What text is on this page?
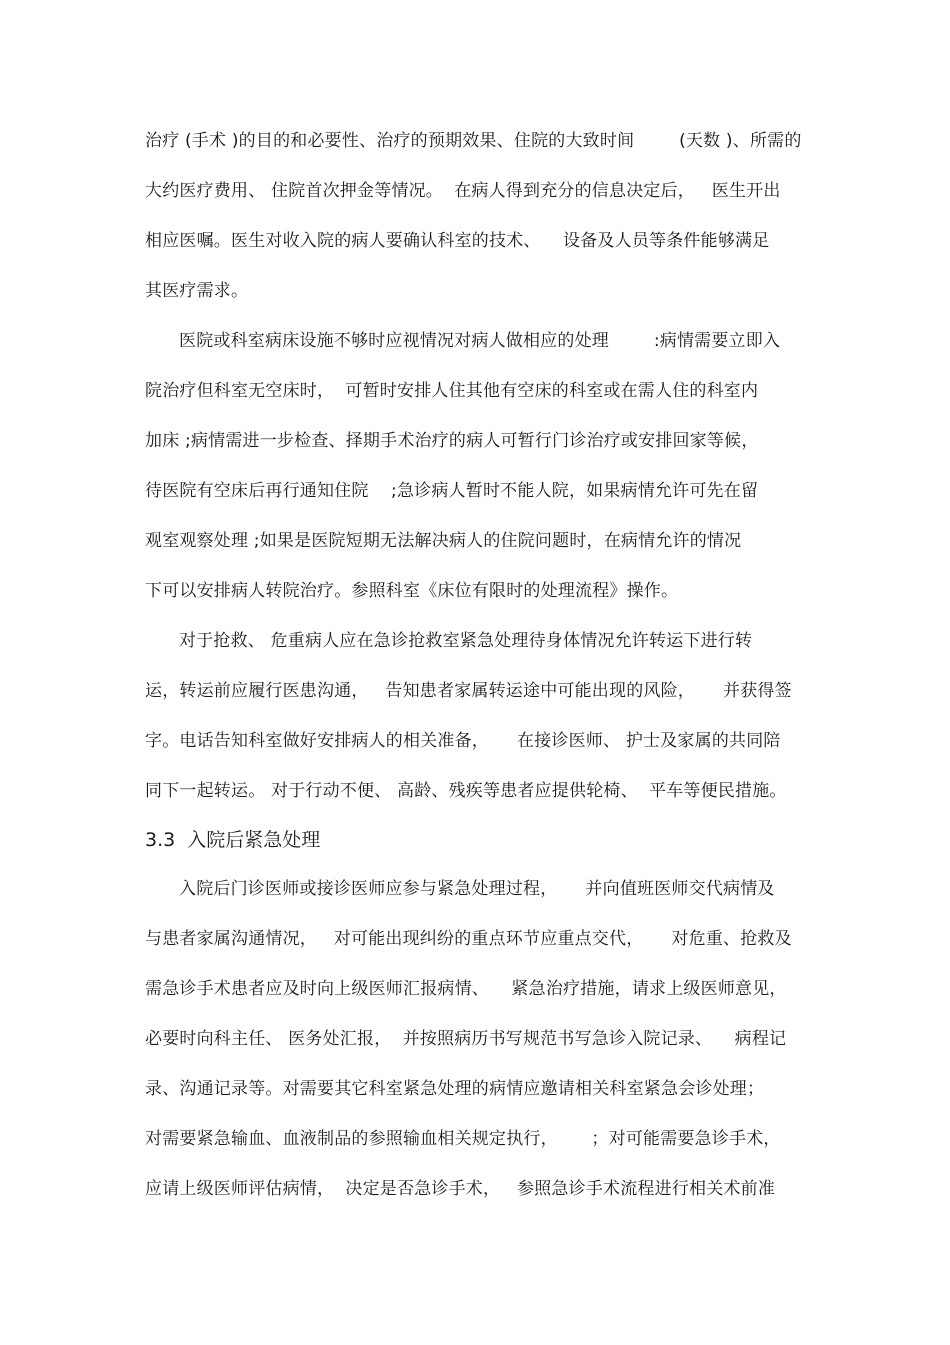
治疗 (手术 )的目的和必要性、治疗的预期效果、住院的大致时间        (天数 )、所需的
大约医疗费用、 住院首次押金等情况。  在病人得到充分的信息决定后，   医生开出
相应医嘱。医生对收入院的病人要确认科室的技术、    设备及人员等条件能够满足
其医疗需求。
医院或科室病床设施不够时应视情况对病人做相应的处理        :病情需要立即入
院治疗但科室无空床时，  可暂时安排人住其他有空床的科室或在需人住的科室内
加床 ;病情需进一步检查、择期手术治疗的病人可暂行门诊治疗或安排回家等候，
待医院有空床后再行通知住院    ;急诊病人暂时不能人院，如果病情允许可先在留
观室观察处理 ;如果是医院短期无法解决病人的住院问题时，在病情允许的情况
下可以安排病人转院治疗。参照科室《床位有限时的处理流程》操作。
对于抢救、 危重病人应在急诊抢救室紧急处理待身体情况允许转运下进行转
运，转运前应履行医患沟通，   告知患者家属转运途中可能出现的风险，     并获得签
字。电话告知科室做好安排病人的相关准备，     在接诊医师、 护士及家属的共同陪
同下一起转运。 对于行动不便、 高龄、残疾等患者应提供轮椅、  平车等便民措施。
3.3  入院后紧急处理
入院后门诊医师或接诊医师应参与紧急处理过程，     并向值班医师交代病情及
与患者家属沟通情况，   对可能出现纠纷的重点环节应重点交代，     对危重、抢救及
需急诊手术患者应及时向上级医师汇报病情、    紧急治疗措施，请求上级医师意见，
必要时向科主任、 医务处汇报，  并按照病历书写规范书写急诊入院记录、    病程记
录、沟通记录等。对需要其它科室紧急处理的病情应邀请相关科室紧急会诊处理；
对需要紧急输血、血液制品的参照输血相关规定执行，      ；对可能需要急诊手术，
应请上级医师评估病情，  决定是否急诊手术，   参照急诊手术流程进行相关术前准
